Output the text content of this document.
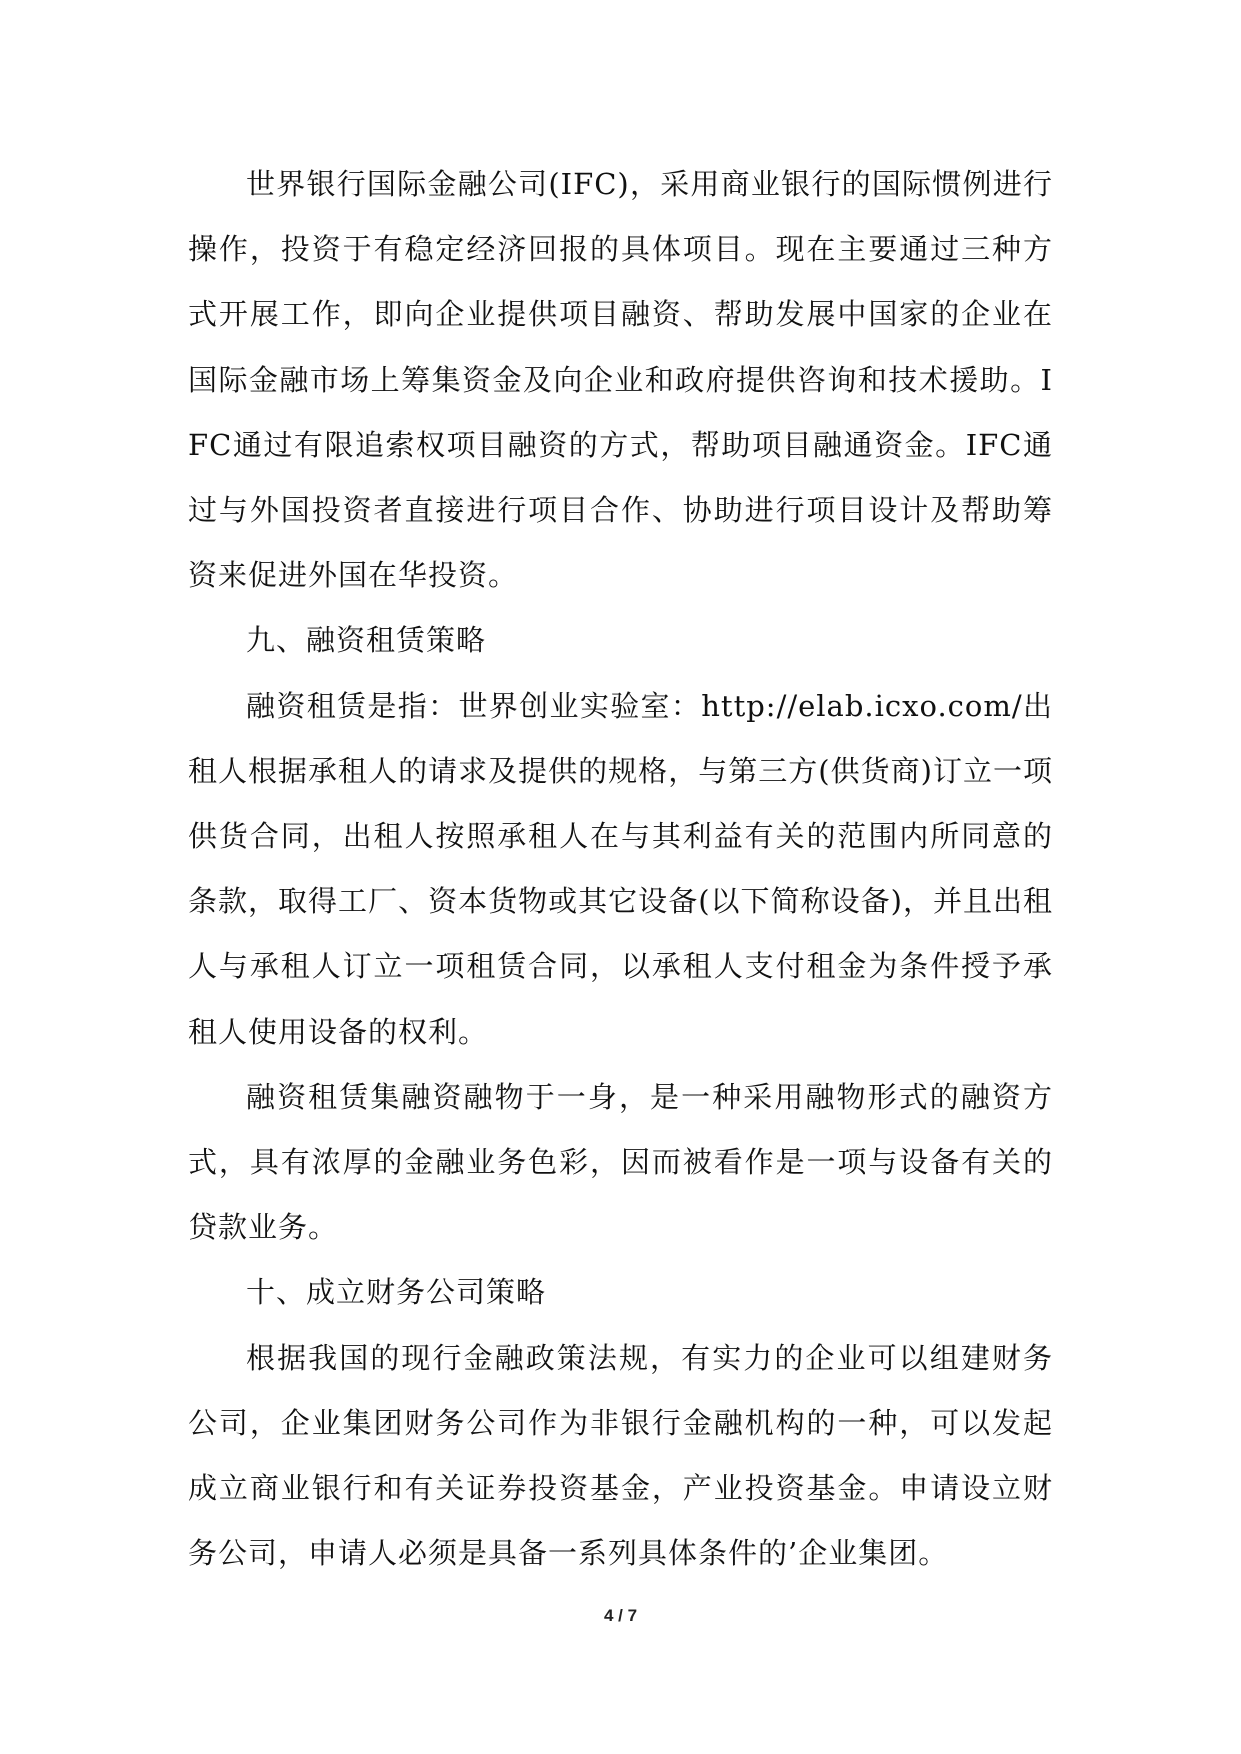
世界银行国际金融公司(IFC)，采用商业银行的国际惯例进行操作，投资于有稳定经济回报的具体项目。现在主要通过三种方式开展工作，即向企业提供项目融资、帮助发展中国家的企业在国际金融市场上筹集资金及向企业和政府提供咨询和技术援助。IFC通过有限追索权项目融资的方式，帮助项目融通资金。IFC通过与外国投资者直接进行项目合作、协助进行项目设计及帮助筹资来促进外国在华投资。

九、融资租赁策略

融资租赁是指：世界创业实验室：http://elab.icxo.com/出租人根据承租人的请求及提供的规格，与第三方(供货商)订立一项供货合同，出租人按照承租人在与其利益有关的范围内所同意的条款，取得工厂、资本货物或其它设备(以下简称设备)，并且出租人与承租人订立一项租赁合同，以承租人支付租金为条件授予承租人使用设备的权利。

融资租赁集融资融物于一身，是一种采用融物形式的融资方式，具有浓厚的金融业务色彩，因而被看作是一项与设备有关的贷款业务。

十、成立财务公司策略

根据我国的现行金融政策法规，有实力的企业可以组建财务公司，企业集团财务公司作为非银行金融机构的一种，可以发起成立商业银行和有关证券投资基金，产业投资基金。申请设立财务公司，申请人必须是具备一系列具体条件的’企业集团。

4 / 7
